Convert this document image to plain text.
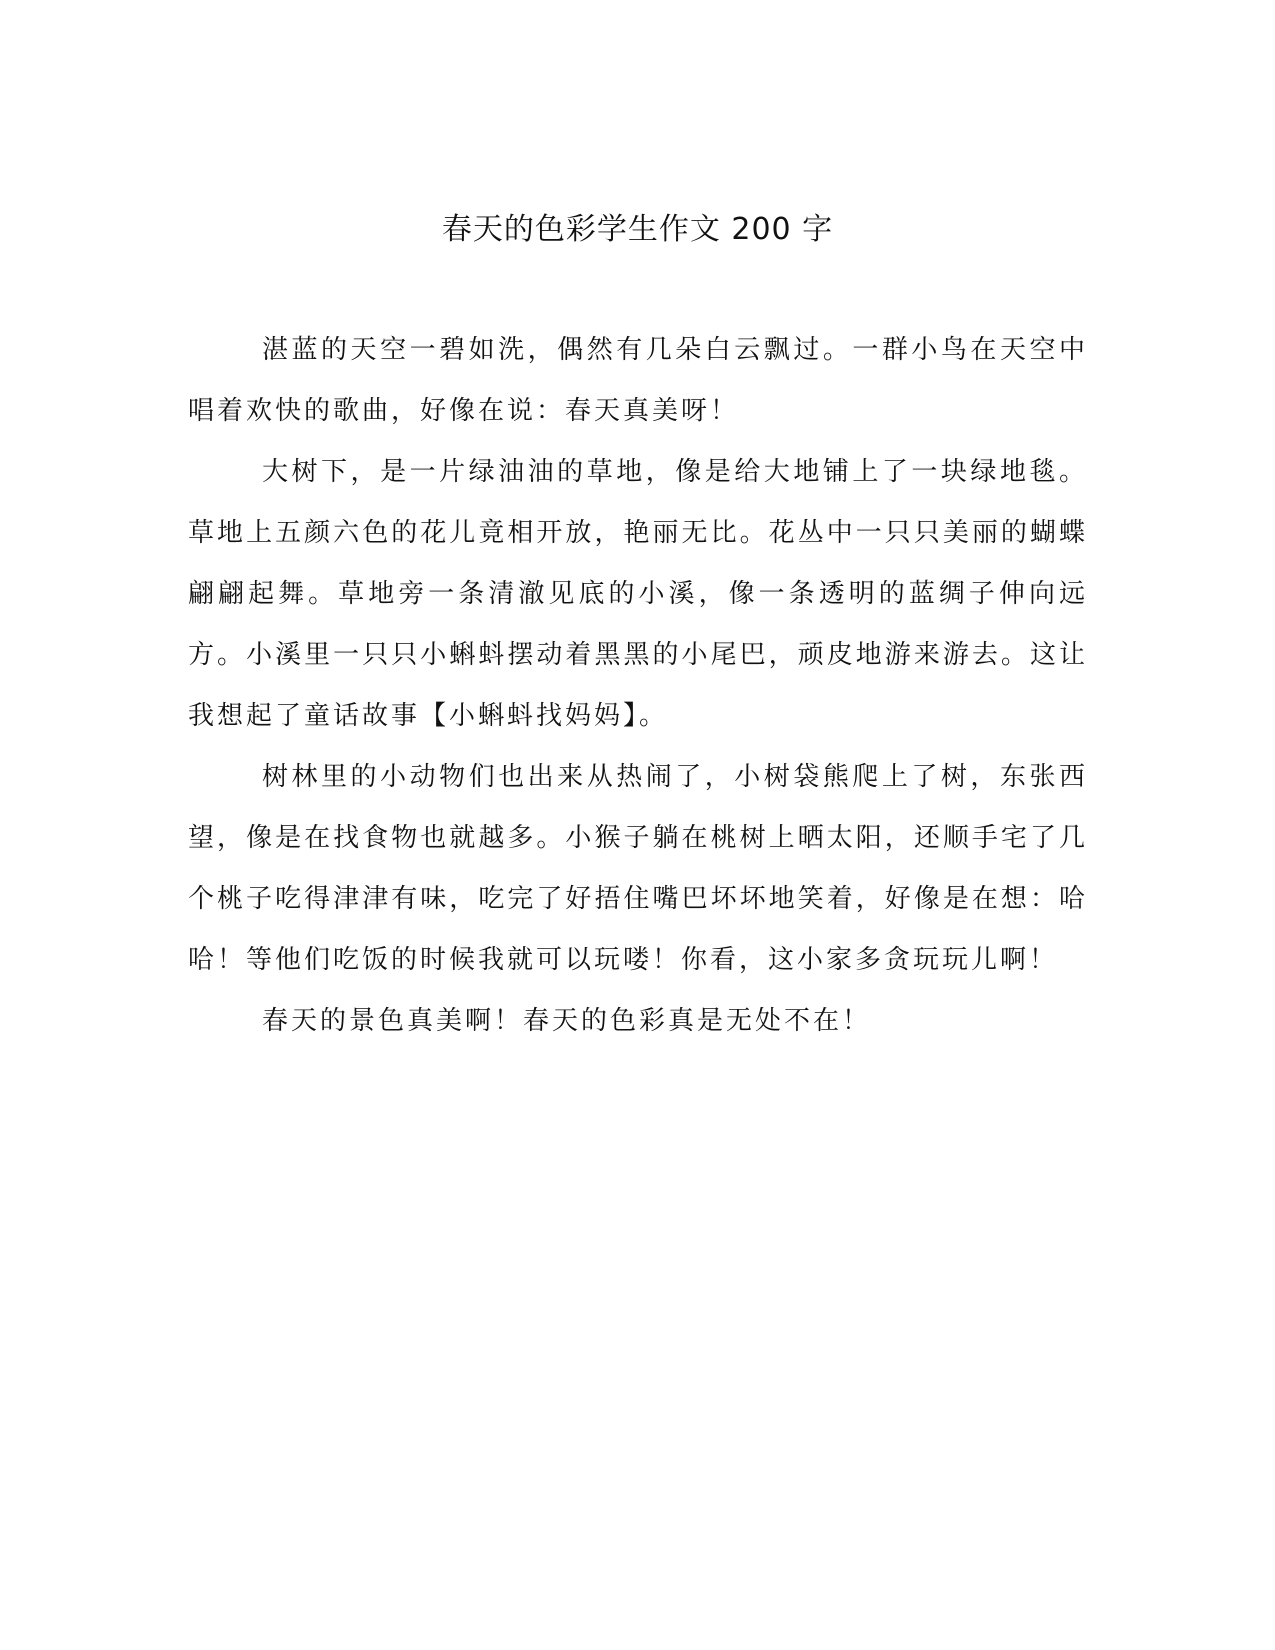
春天的色彩学生作文 200 字

湛蓝的天空一碧如洗，偶然有几朵白云飘过。一群小鸟在天空中唱着欢快的歌曲，好像在说：春天真美呀！

大树下，是一片绿油油的草地，像是给大地铺上了一块绿地毯。草地上五颜六色的花儿竟相开放，艳丽无比。花丛中一只只美丽的蝴蝶翩翩起舞。草地旁一条清澈见底的小溪，像一条透明的蓝绸子伸向远方。小溪里一只只小蝌蚪摆动着黑黑的小尾巴，顽皮地游来游去。这让我想起了童话故事【小蝌蚪找妈妈】。

树林里的小动物们也出来从热闹了，小树袋熊爬上了树，东张西望，像是在找食物也就越多。小猴子躺在桃树上晒太阳，还顺手宅了几个桃子吃得津津有味，吃完了好捂住嘴巴坏坏地笑着，好像是在想：哈哈！等他们吃饭的时候我就可以玩喽！你看，这小家多贪玩玩儿啊！

春天的景色真美啊！春天的色彩真是无处不在！
